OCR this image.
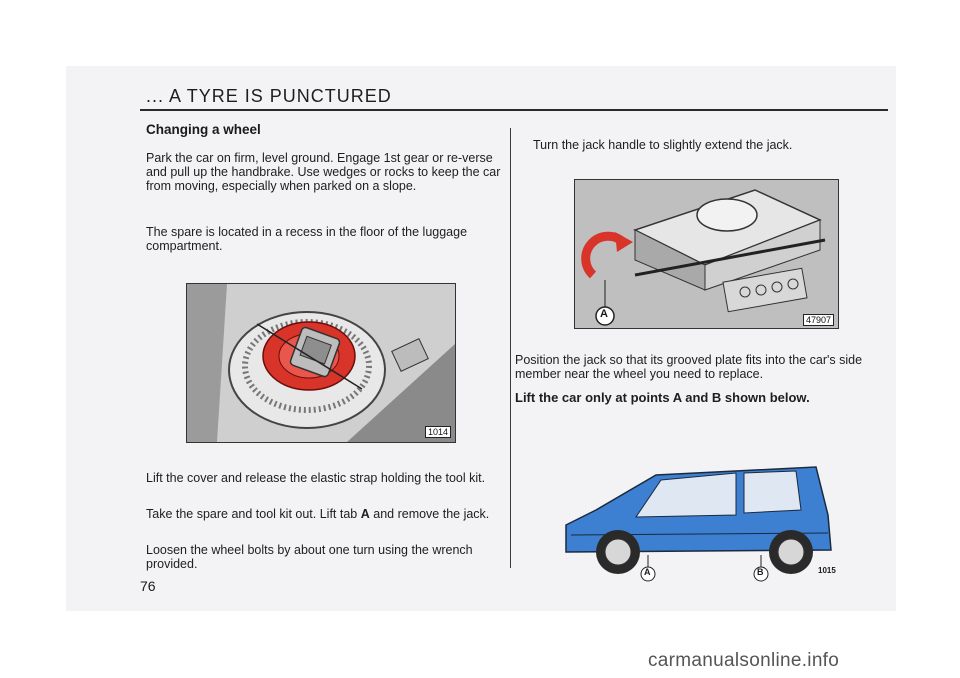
... A TYRE IS PUNCTURED
Changing a wheel
Park the car on firm, level ground. Engage 1st gear or re-verse and pull up the handbrake. Use wedges or rocks to keep the car from moving, especially when parked on a slope.
The spare is located in a recess in the floor of the luggage compartment.
1014
Lift the cover and release the elastic strap holding the tool kit.
Take the spare and tool kit out. Lift tab A and remove the jack.
Loosen the wheel bolts by about one turn using the wrench provided.
76
Turn the jack handle to slightly extend the jack.
A	47907
Position the jack so that its grooved plate fits into the car's side member near the wheel you need to replace.
Lift the car only at points A and B shown below.
A	B	1015
carmanualsonline.info
